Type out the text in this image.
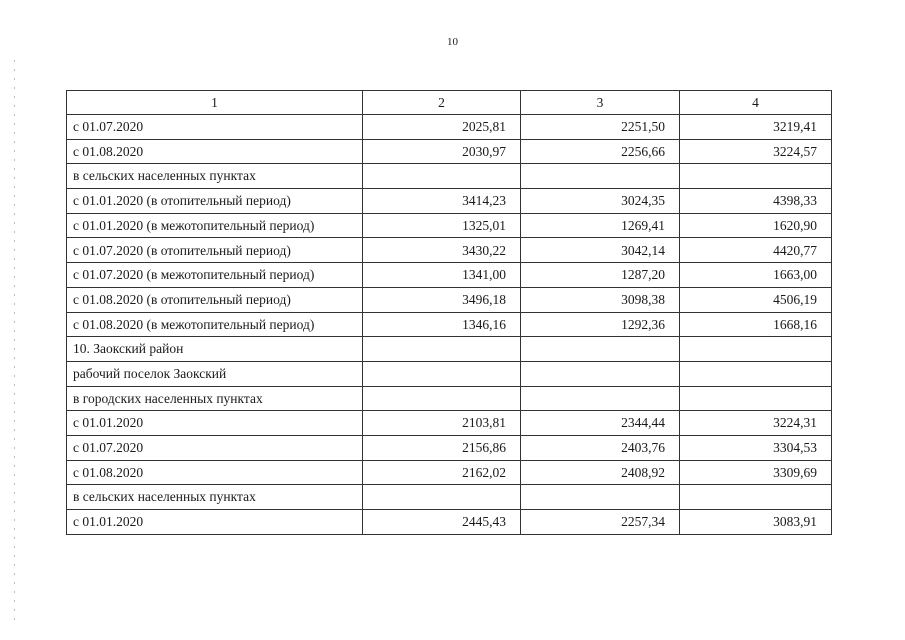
10
1	2	3	4
с 01.07.2020	2025,81	2251,50	3219,41
с 01.08.2020	2030,97	2256,66	3224,57
в сельских населенных пунктах			
с 01.01.2020 (в отопительный период)	3414,23	3024,35	4398,33
с 01.01.2020 (в межотопительный период)	1325,01	1269,41	1620,90
с 01.07.2020 (в отопительный период)	3430,22	3042,14	4420,77
с 01.07.2020 (в межотопительный период)	1341,00	1287,20	1663,00
с 01.08.2020 (в отопительный период)	3496,18	3098,38	4506,19
с 01.08.2020 (в межотопительный период)	1346,16	1292,36	1668,16
10. Заокский район			
рабочий поселок Заокский			
в городских населенных пунктах			
с 01.01.2020	2103,81	2344,44	3224,31
с 01.07.2020	2156,86	2403,76	3304,53
с 01.08.2020	2162,02	2408,92	3309,69
в сельских населенных пунктах			
с 01.01.2020	2445,43	2257,34	3083,91
